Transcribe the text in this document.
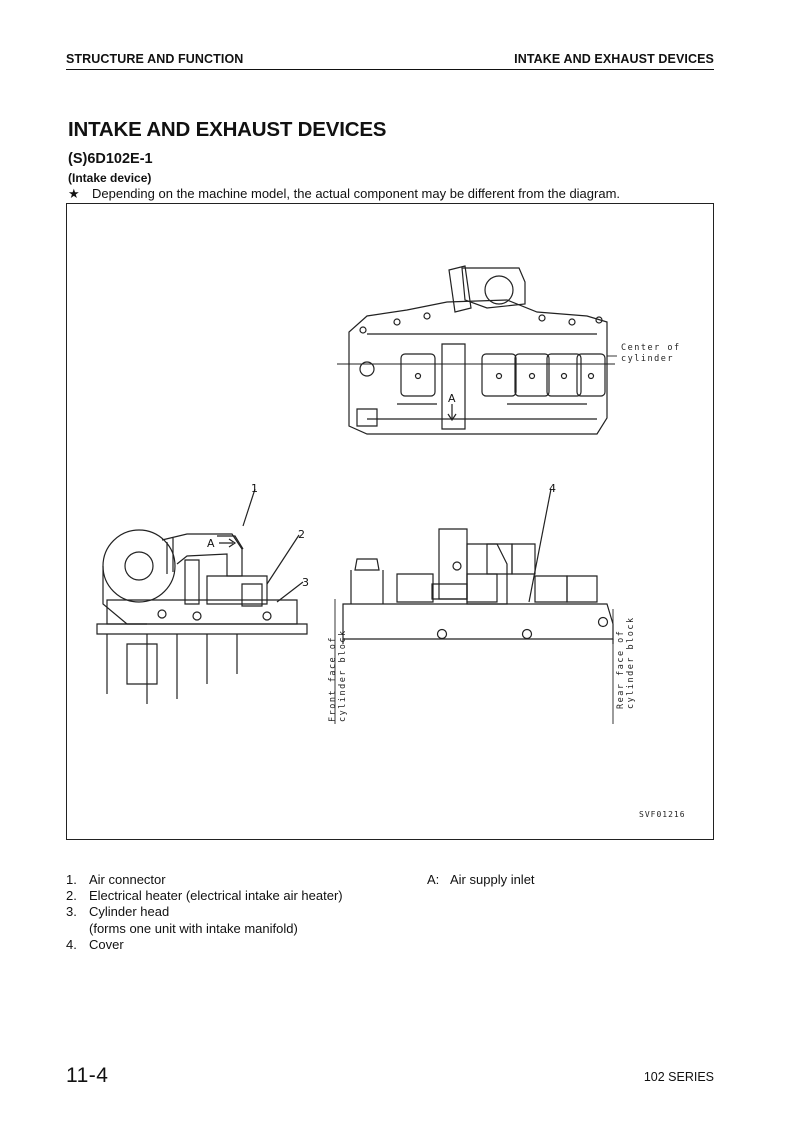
STRUCTURE AND FUNCTION	INTAKE AND EXHAUST DEVICES
INTAKE AND EXHAUST DEVICES
(S)6D102E-1
(Intake device)
★ Depending on the machine model, the actual component may be different from the diagram.
Center of
cylinder
Front face of cylinder block	Rear face of cylinder block
1
2
3
4
A
A
SVF01216
1. Air connector
2. Electrical heater (electrical intake air heater)
3. Cylinder head
(forms one unit with intake manifold)
4. Cover
A: Air supply inlet
11-4	102 SERIES
